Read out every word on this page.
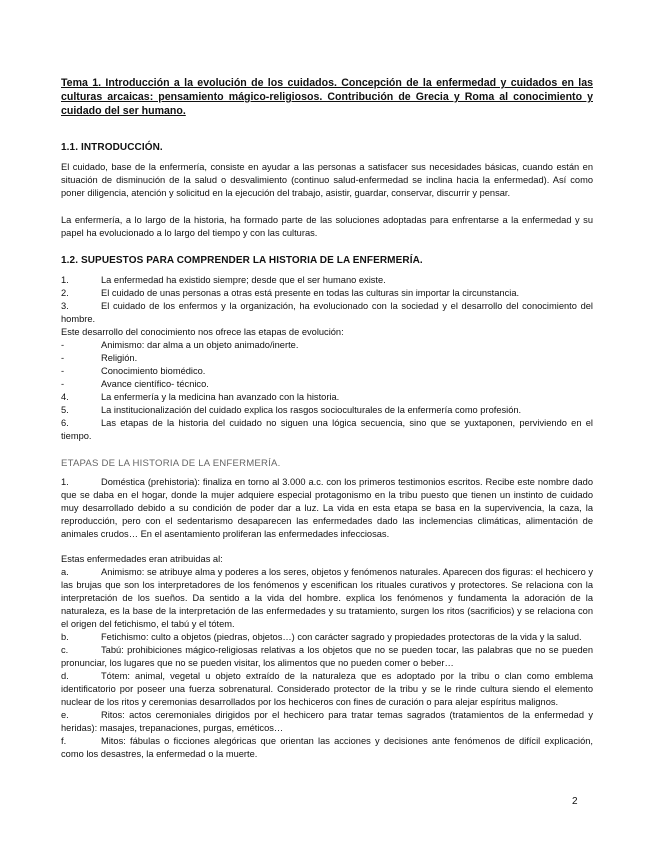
Tema 1. Introducción a la evolución de los cuidados. Concepción de la enfermedad y cuidados en las culturas arcaicas: pensamiento mágico-religiosos. Contribución de Grecia y Roma al conocimiento y cuidado del ser humano.

1.1. INTRODUCCIÓN.

El cuidado, base de la enfermería, consiste en ayudar a las personas a satisfacer sus necesidades básicas, cuando están en situación de disminución de la salud o desvalimiento (continuo salud-enfermedad se inclina hacia la enfermedad). Así como poner diligencia, atención y solicitud en la ejecución del trabajo, asistir, guardar, conservar, discurrir y pensar.

La enfermería, a lo largo de la historia, ha formado parte de las soluciones adoptadas para enfrentarse a la enfermedad y su papel ha evolucionado a lo largo del tiempo y con las culturas.

1.2. SUPUESTOS PARA COMPRENDER LA HISTORIA DE LA ENFERMERÍA.
1.	La enfermedad ha existido siempre; desde que el ser humano existe.
2.	El cuidado de unas personas a otras está presente en todas las culturas sin importar la circunstancia.
3.	El cuidado de los enfermos y la organización, ha evolucionado con la sociedad y el desarrollo del conocimiento del hombre.

Este desarrollo del conocimiento nos ofrece las etapas de evolución:

-	Animismo: dar alma a un objeto animado/inerte.
-	Religión.
-	Conocimiento biomédico.
-	Avance científico- técnico.
4.	La enfermería y la medicina han avanzado con la historia.
5.	La institucionalización del cuidado explica los rasgos socioculturales de la enfermería como profesión.
6.	Las etapas de la historia del cuidado no siguen una lógica secuencia, sino que se yuxtaponen, perviviendo en el tiempo.
ETAPAS DE LA HISTORIA DE LA ENFERMERÍA.
1.	Doméstica (prehistoria): finaliza en torno al 3.000 a.c. con los primeros testimonios escritos. Recibe este nombre dado que se daba en el hogar, donde la mujer adquiere especial protagonismo en la tribu puesto que tienen un instinto de cuidado muy desarrollado debido a su condición de poder dar a luz. La vida en esta etapa se basa en la supervivencia, la caza, la reproducción, pero con el sedentarismo desaparecen las enfermedades dado las inclemencias climáticas, alimentación de animales crudos… En el asentamiento proliferan las enfermedades infecciosas.

Estas enfermedades eran atribuidas al:

a.	Animismo: se atribuye alma y poderes a los seres, objetos y fenómenos naturales. Aparecen dos figuras: el hechicero y las brujas que son los interpretadores de los fenómenos y escenifican los rituales curativos y protectores. Se relaciona con la interpretación de los sueños. Da sentido a la vida del hombre. explica los fenómenos y fundamenta la adoración de la naturaleza, es la base de la interpretación de las enfermedades y su tratamiento, surgen los ritos (sacrificios) y se relaciona con el origen del fetichismo, el tabú y el tótem.
b.	Fetichismo: culto a objetos (piedras, objetos…) con carácter sagrado y propiedades protectoras de la vida y la salud.
c.	Tabú: prohibiciones mágico-religiosas relativas a los objetos que no se pueden tocar, las palabras que no se pueden pronunciar, los lugares que no se pueden visitar, los alimentos que no pueden comer o beber…
d.	Tótem: animal, vegetal u objeto extraído de la naturaleza que es adoptado por la tribu o clan como emblema identificatorio por poseer una fuerza sobrenatural. Considerado protector de la tribu y se le rinde cultura siendo el elemento nuclear de los ritos y ceremonias desarrollados por los hechiceros con fines de curación o para alejar espíritus malignos.
e.	Ritos: actos ceremoniales dirigidos por el hechicero para tratar temas sagrados (tratamientos de la enfermedad y heridas): masajes, trepanaciones, purgas, eméticos…
f.	Mitos: fábulas o ficciones alegóricas que orientan las acciones y decisiones ante fenómenos de difícil explicación, como los desastres, la enfermedad o la muerte.
2
